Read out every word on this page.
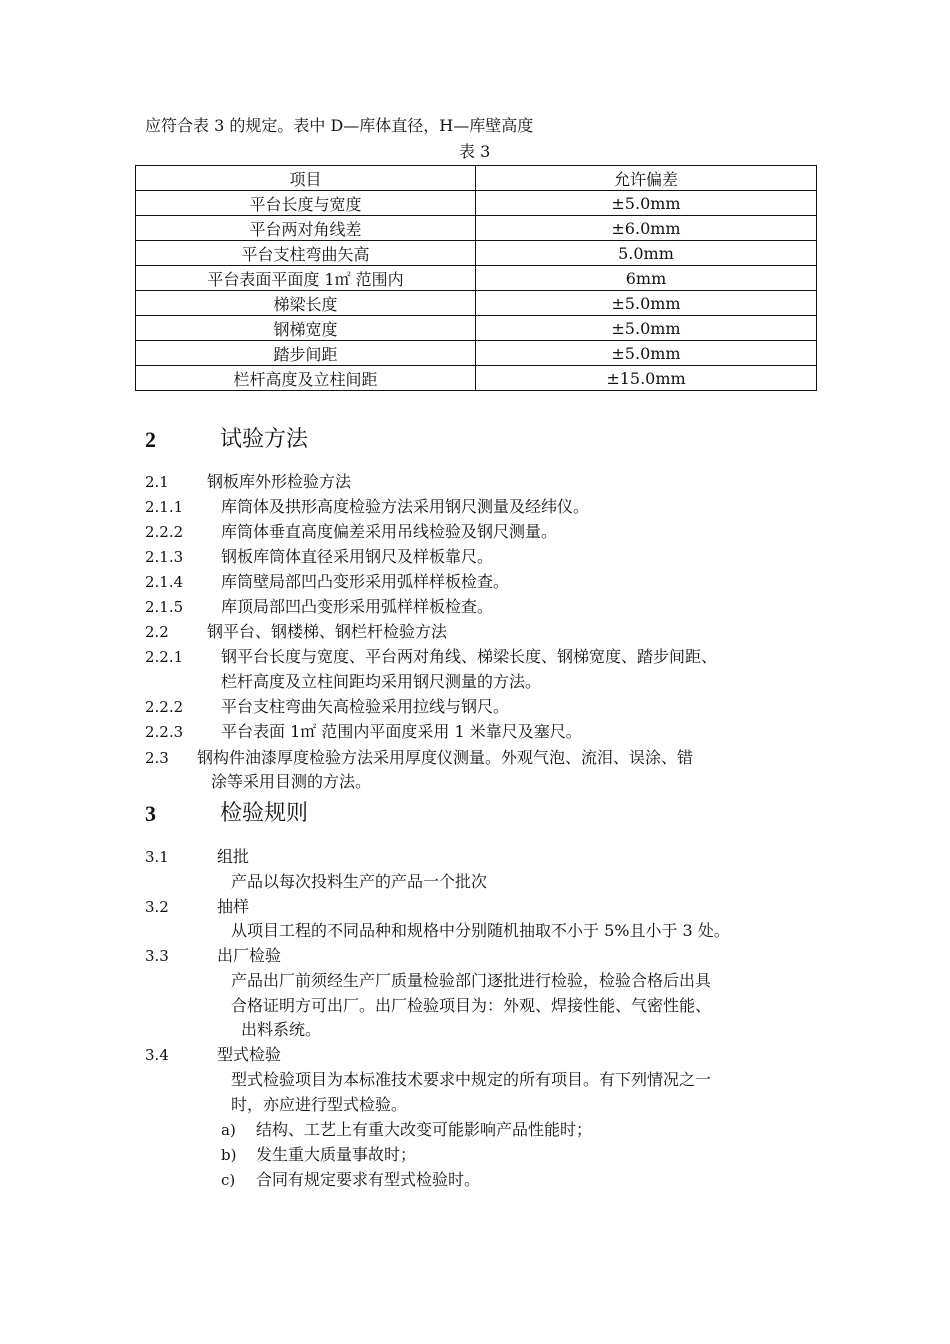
应符合表 3 的规定。表中 D—库体直径，H—库壁高度
表 3
项目	允许偏差
平台长度与宽度	±5.0mm
平台两对角线差	±6.0mm
平台支柱弯曲矢高	5.0mm
平台表面平面度 1㎡ 范围内	6mm
梯梁长度	±5.0mm
钢梯宽度	±5.0mm
踏步间距	±5.0mm
栏杆高度及立柱间距	±15.0mm
2	试验方法
2.1 钢板库外形检验方法
2.1.1 库筒体及拱形高度检验方法采用钢尺测量及经纬仪。
2.2.2 库筒体垂直高度偏差采用吊线检验及钢尺测量。
2.1.3 钢板库筒体直径采用钢尺及样板靠尺。
2.1.4 库筒壁局部凹凸变形采用弧样样板检查。
2.1.5 库顶局部凹凸变形采用弧样样板检查。
2.2 钢平台、钢楼梯、钢栏杆检验方法
2.2.1 钢平台长度与宽度、平台两对角线、梯梁长度、钢梯宽度、踏步间距、
栏杆高度及立柱间距均采用钢尺测量的方法。
2.2.2 平台支柱弯曲矢高检验采用拉线与钢尺。
2.2.3 平台表面 1㎡ 范围内平面度采用 1 米靠尺及塞尺。
2.3 钢构件油漆厚度检验方法采用厚度仪测量。外观气泡、流泪、误涂、错
涂等采用目测的方法。
3	检验规则
3.1	组批
产品以每次投料生产的产品一个批次
3.2	抽样
从项目工程的不同品种和规格中分别随机抽取不小于 5%且小于 3 处。
3.3	出厂检验
产品出厂前须经生产厂质量检验部门逐批进行检验，检验合格后出具
合格证明方可出厂。出厂检验项目为：外观、焊接性能、气密性能、
出料系统。
3.4	型式检验
型式检验项目为本标准技术要求中规定的所有项目。有下列情况之一
时，亦应进行型式检验。
a) 结构、工艺上有重大改变可能影响产品性能时；
b) 发生重大质量事故时；
c) 合同有规定要求有型式检验时。
